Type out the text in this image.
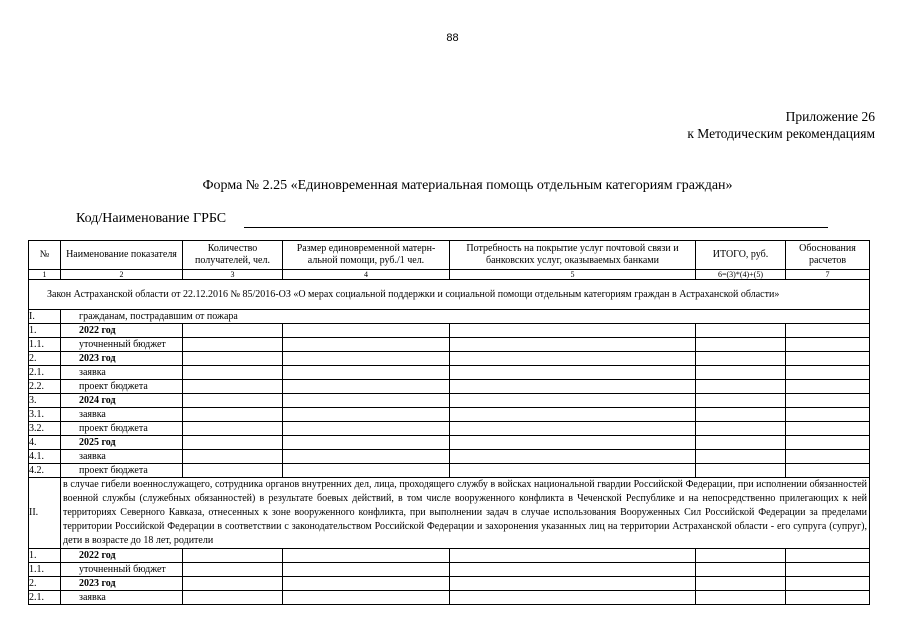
88
Приложение 26
к Методическим рекомендациям
Форма № 2.25 «Единовременная материальная помощь отдельным категориям граждан»
Код/Наименование ГРБС
№	Наименование показателя	Количество получателей, чел.	Размер единовременной матерн-альной помощи, руб./1 чел.	Потребность на покрытие услуг почтовой связи и банковских услуг, оказываемых банками	ИТОГО, руб.	Обоснования расчетов
1	2	3	4	5	6=(3)*(4)+(5)	7
Закон Астраханской области от 22.12.2016 № 85/2016-ОЗ «О мерах социальной поддержки и социальной помощи отдельным категориям граждан в Астраханской области»						
I.	гражданам, пострадавшим от пожара					
1.	2022 год					
1.1.	уточненный бюджет					
2.	2023 год					
2.1.	заявка					
2.2.	проект бюджета					
3.	2024 год					
3.1.	заявка					
3.2.	проект бюджета					
4.	2025 год					
4.1.	заявка					
4.2.	проект бюджета					
II.	в случае гибели военнослужащего, сотрудника органов внутренних дел, лица, проходящего службу в войсках национальной гвардии Российской Федерации, при исполнении обязанностей военной службы (служебных обязанностей) в результате боевых действий, в том числе вооруженного конфликта в Чеченской Республике и на непосредственно прилегающих к ней территориях Северного Кавказа, отнесенных к зоне вооруженного конфликта, при выполнении задач в случае использования Вооруженных Сил Российской Федерации за пределами территории Российской Федерации в соответствии с законодательством Российской Федерации и захоронения указанных лиц на территории Астраханской области - его супруга (супруг), дети в возрасте до 18 лет, родители					
1.	2022 год					
1.1.	уточненный бюджет					
2.	2023 год					
2.1.	заявка					
